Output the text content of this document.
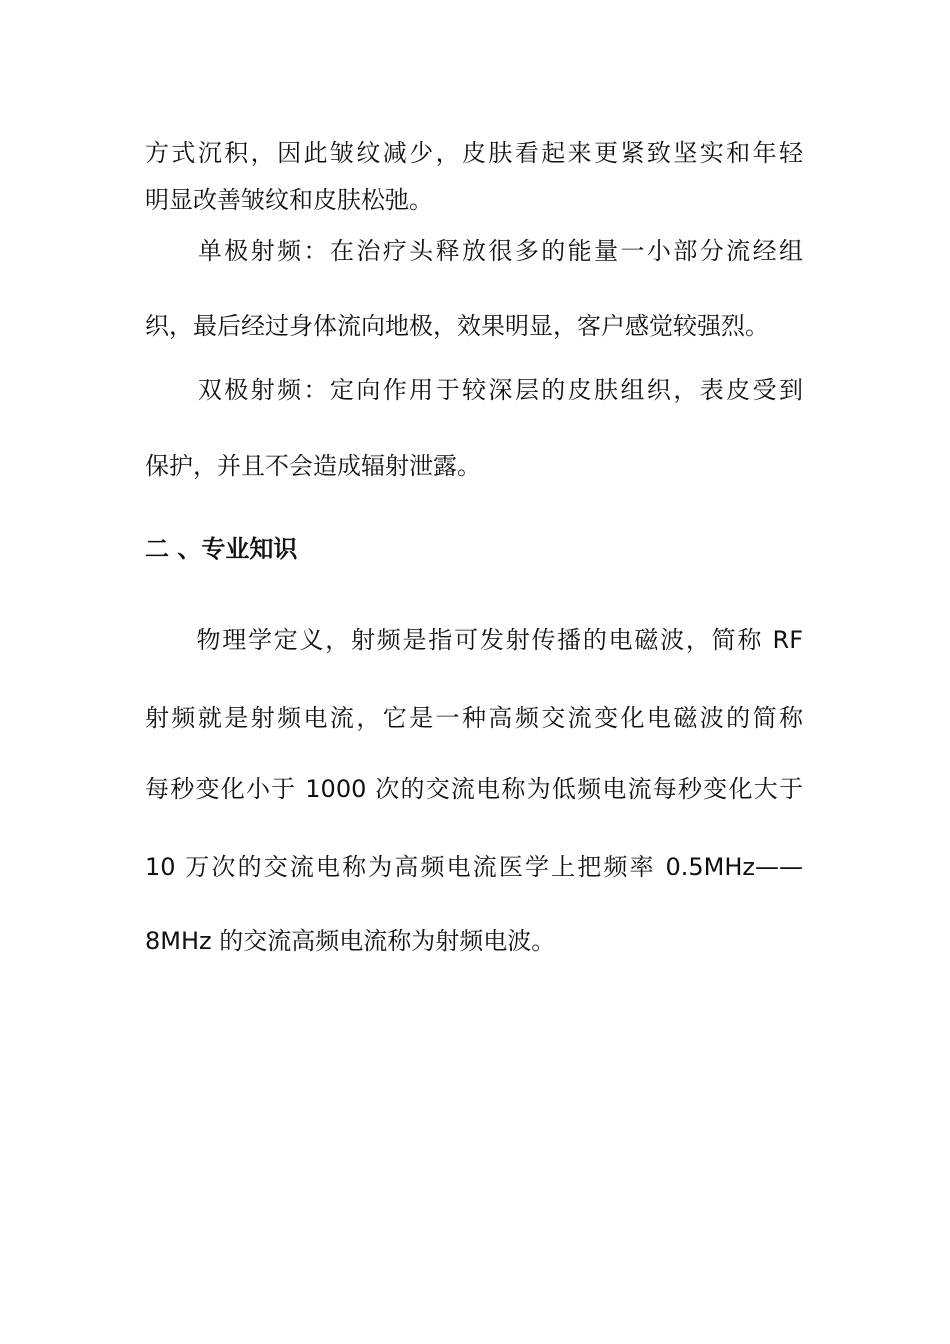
方式沉积，因此皱纹减少，皮肤看起来更紧致坚实和年轻
明显改善皱纹和皮肤松弛。
　　单极射频：在治疗头释放很多的能量一小部分流经组
织，最后经过身体流向地极，效果明显，客户感觉较强烈。
　　双极射频：定向作用于较深层的皮肤组织，表皮受到
保护，并且不会造成辐射泄露。
二 、专业知识
　　物理学定义，射频是指可发射传播的电磁波，简称 RF
射频就是射频电流，它是一种高频交流变化电磁波的简称
每秒变化小于 1000 次的交流电称为低频电流每秒变化大于
10 万次的交流电称为高频电流医学上把频率 0.5MHz——
8MHz 的交流高频电流称为射频电波。
